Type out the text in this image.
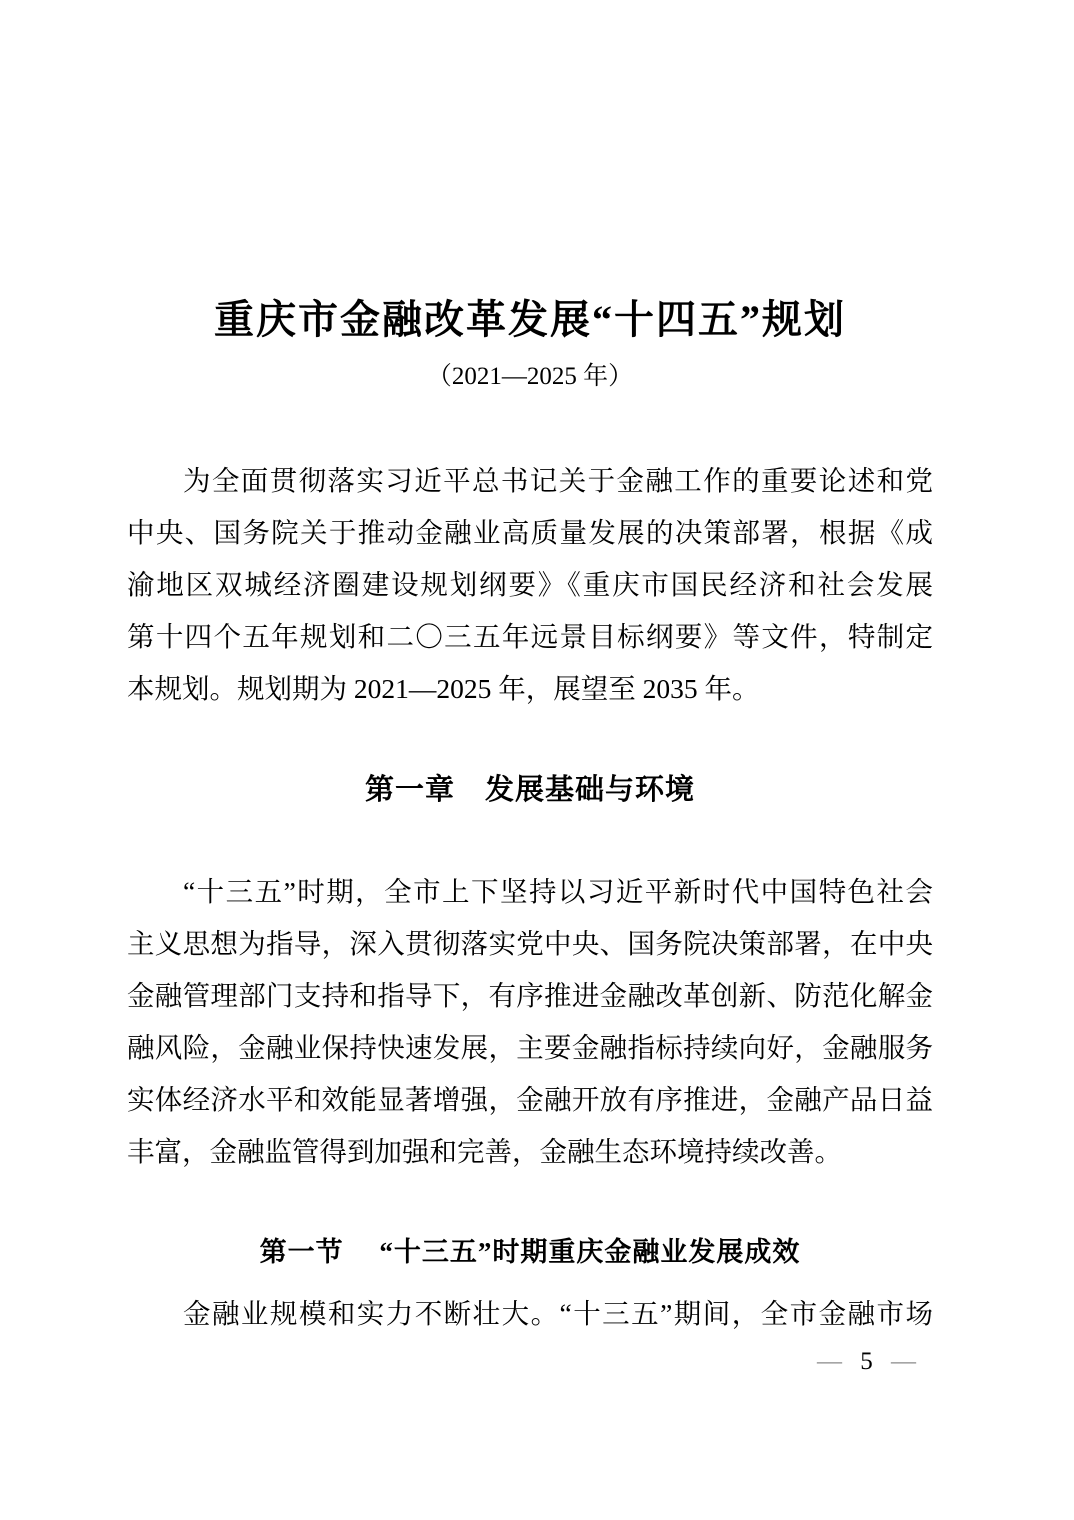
重庆市金融改革发展“十四五”规划
（2021—2025 年）
为全面贯彻落实习近平总书记关于金融工作的重要论述和党
中央、国务院关于推动金融业高质量发展的决策部署，根据《成
渝地区双城经济圈建设规划纲要》《重庆市国民经济和社会发展
第十四个五年规划和二〇三五年远景目标纲要》等文件，特制定
本规划。规划期为 2021—2025 年，展望至 2035 年。
第一章　发展基础与环境
“十三五”时期，全市上下坚持以习近平新时代中国特色社会
主义思想为指导，深入贯彻落实党中央、国务院决策部署，在中央
金融管理部门支持和指导下，有序推进金融改革创新、防范化解金
融风险，金融业保持快速发展，主要金融指标持续向好，金融服务
实体经济水平和效能显著增强，金融开放有序推进，金融产品日益
丰富，金融监管得到加强和完善，金融生态环境持续改善。
第一节　 “十三五”时期重庆金融业发展成效
金融业规模和实力不断壮大。“十三五”期间，全市金融市场
— 5 —
